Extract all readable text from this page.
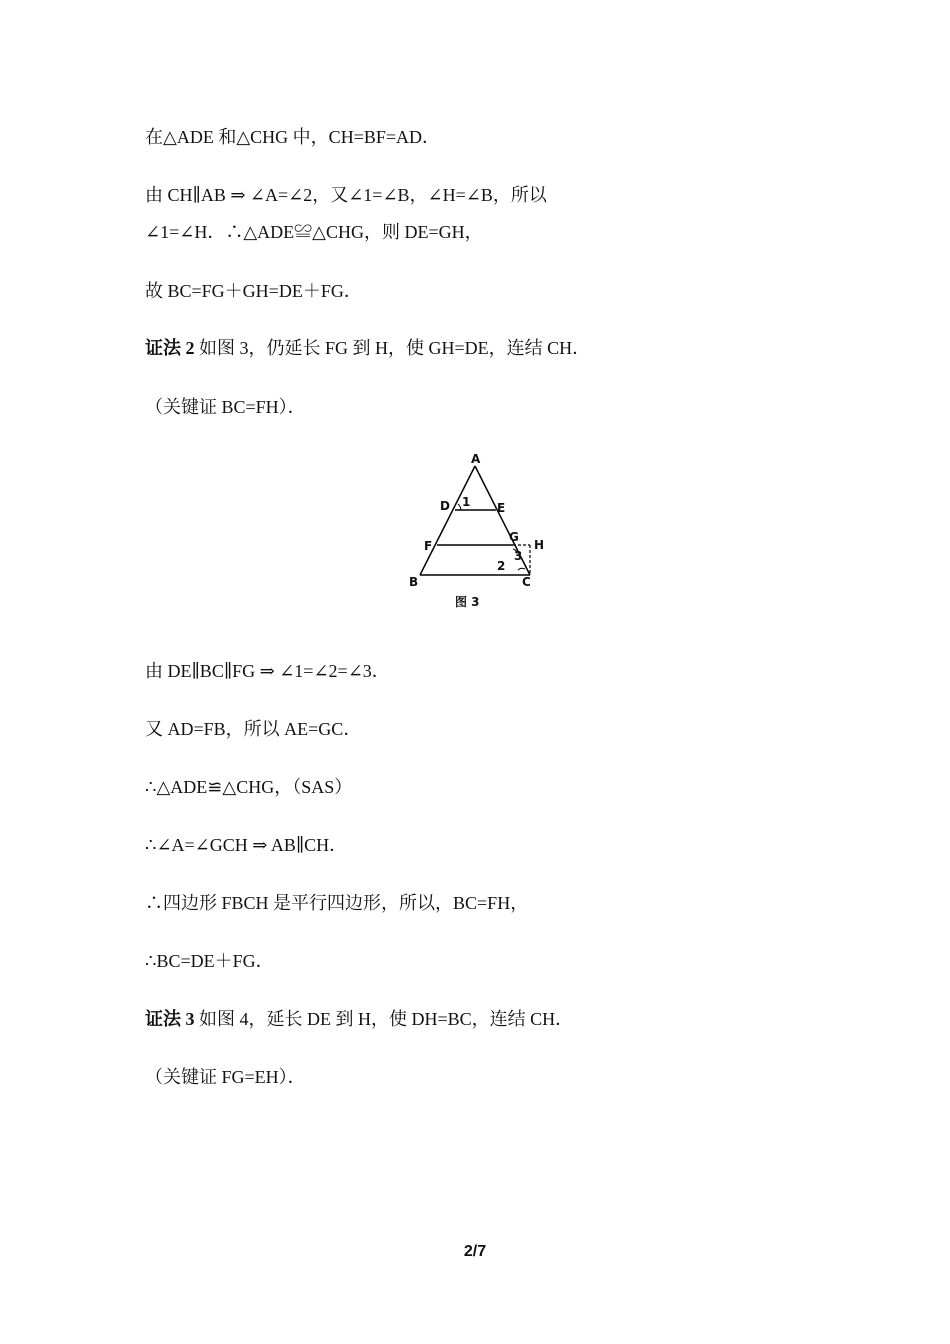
在△ADE 和△CHG 中，CH=BF=AD．
由 CH∥AB ⇒ ∠A=∠2，又∠1=∠B，∠H=∠B，所以
∠1=∠H．∴△ADE≌△CHG，则 DE=GH，
故 BC=FG＋GH=DE＋FG．
证法 2 如图 3，仍延长 FG 到 H，使 GH=DE，连结 CH．
（关键证 BC=FH）．
A
D	E
F
G
H
B	C
1
2
3
图 3
由 DE∥BC∥FG ⇒ ∠1=∠2=∠3．
又 AD=FB，所以 AE=GC．
∴△ADE≌△CHG，（SAS）
∴∠A=∠GCH ⇒ AB∥CH．
∴四边形 FBCH 是平行四边形，所以，BC=FH，
∴BC=DE＋FG．
证法 3 如图 4，延长 DE 到 H，使 DH=BC，连结 CH．
（关键证 FG=EH）．
2/7
